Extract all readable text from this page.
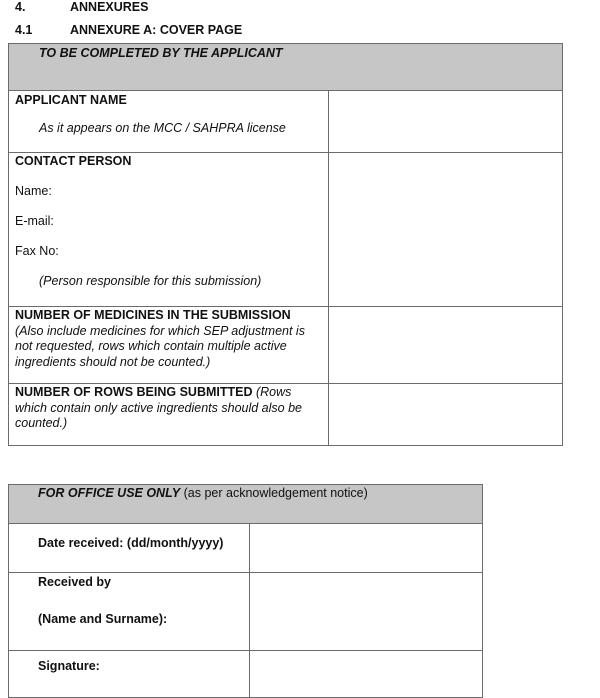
4.	ANNEXURES
4.1	ANNEXURE A: COVER PAGE
TO BE COMPLETED BY THE APPLICANT	

APPLICANT NAME
As it appears on the MCC / SAHPRA license	

CONTACT PERSON
Name:
E-mail:
Fax No:
(Person responsible for this submission)	

NUMBER OF MEDICINES IN THE SUBMISSION
(Also include medicines for which SEP adjustment is
not requested, rows which contain multiple active
ingredients should not be counted.)	

NUMBER OF ROWS BEING SUBMITTED (Rows
which contain only active ingredients should also be
counted.)	

FOR OFFICE USE ONLY (as per acknowledgement notice)	

Date received: (dd/month/yyyy)	

Received by
(Name and Surname):	

Signature:	
